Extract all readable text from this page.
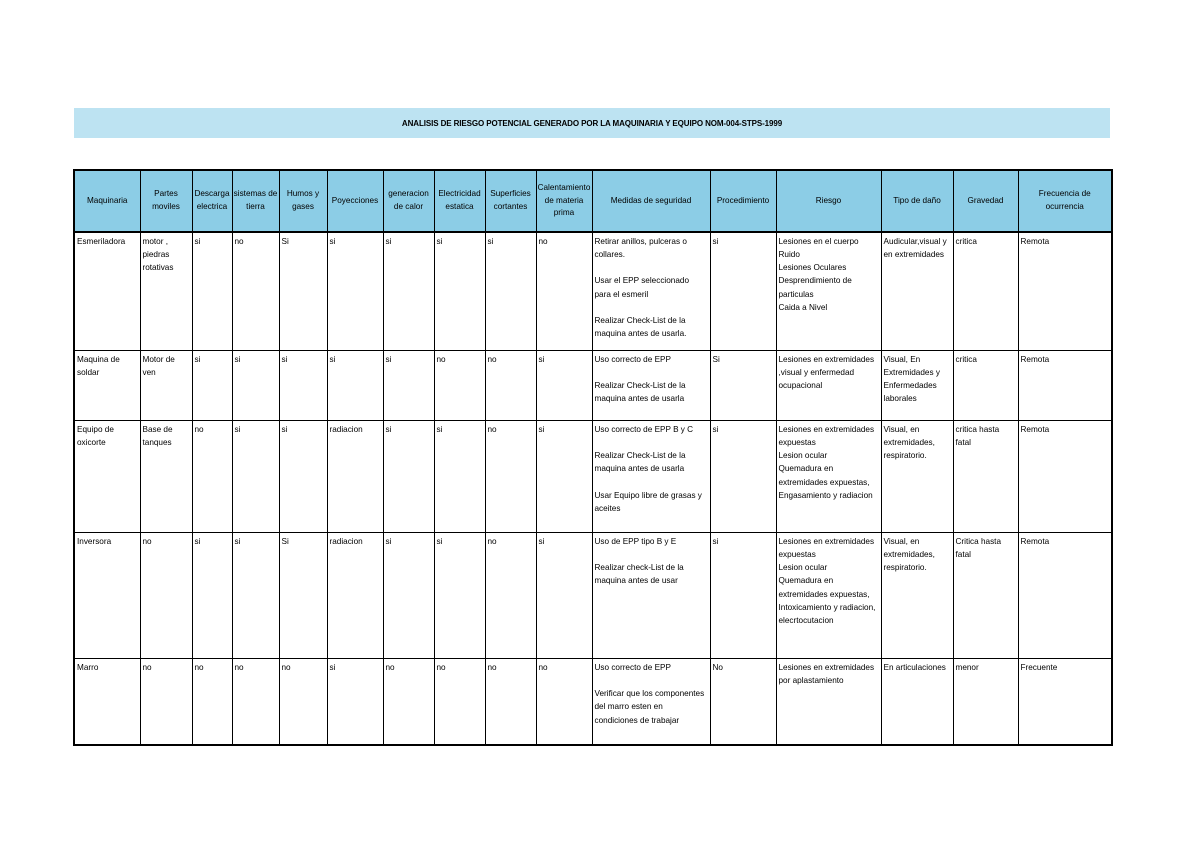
ANALISIS DE RIESGO POTENCIAL GENERADO POR LA MAQUINARIA Y EQUIPO NOM-004-STPS-1999
Maquinaria	Partes moviles	Descarga electrica	sistemas de tierra	Humos y gases	Poyecciones	generacion de calor	Electricidad estatica	Superficies cortantes	Calentamiento de materia prima	Medidas de seguridad	Procedimiento	Riesgo	Tipo de daño	Gravedad	Frecuencia de ocurrencia
Esmeriladora	motor , piedras rotativas	si	no	Si	si	si	si	si	no	Retirar anillos, pulceras o collares.

Usar el EPP seleccionado para el esmeril

Realizar Check-List de la maquina antes de usarla.	si	Lesiones en el cuerpo
Ruido
Lesiones Oculares
Desprendimiento de particulas
Caida a Nivel	Audicular,visual y en extremidades	critica	Remota
Maquina de soldar	Motor de ven	si	si	si	si	si	no	no	si	Uso correcto de EPP

Realizar Check-List de la maquina antes de usarla	Si	Lesiones en extremidades ,visual y enfermedad ocupacional	Visual, En Extremidades y Enfermedades laborales	critica	Remota
Equipo de oxicorte	Base de tanques	no	si	si	radiacion	si	si	no	si	Uso correcto de EPP B y C

Realizar Check-List de la maquina antes de usarla

Usar Equipo libre de grasas y aceites	si	Lesiones en extremidades expuestas
Lesion ocular
Quemadura en extremidades expuestas,
Engasamiento y radiacion	Visual, en extremidades, respiratorio.	critica hasta fatal	Remota
Inversora	no	si	si	Si	radiacion	si	si	no	si	Uso de EPP tipo B y E

Realizar check-List de la maquina antes de usar	si	Lesiones en extremidades expuestas
Lesion ocular
Quemadura en extremidades expuestas,
Intoxicamiento y radiacion, elecrtocutacion	Visual, en extremidades, respiratorio.	Critica hasta fatal	Remota
Marro	no	no	no	no	si	no	no	no	no	Uso correcto de EPP

Verificar que los componentes del marro esten en condiciones de trabajar	No	Lesiones en extremidades por aplastamiento	En articulaciones	menor	Frecuente
